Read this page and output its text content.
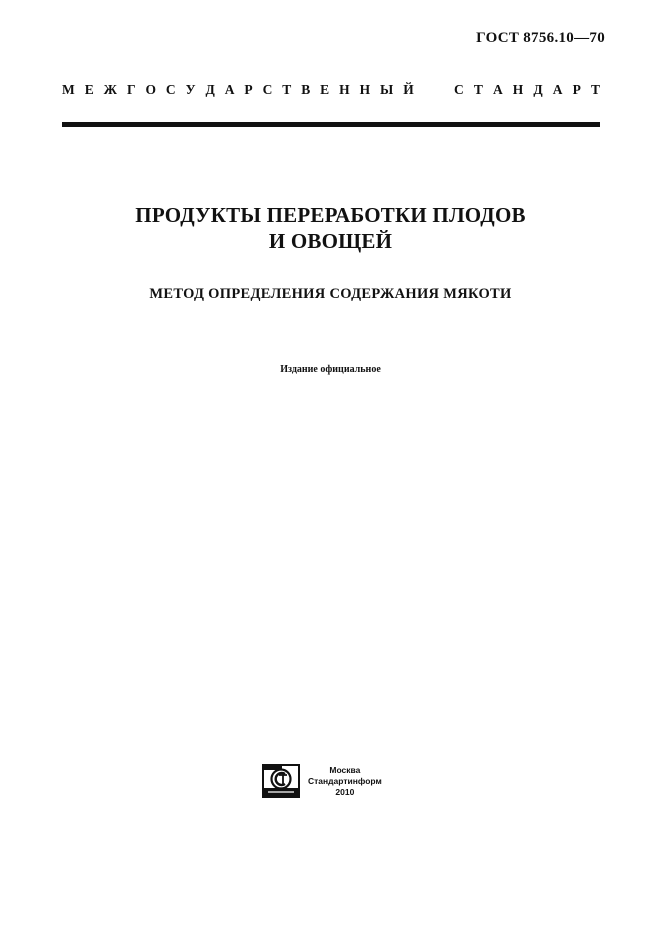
ГОСТ 8756.10—70
М Е Ж Г О С У Д А Р С Т В Е Н Н Ы Й	С Т А Н Д А Р Т
ПРОДУКТЫ ПЕРЕРАБОТКИ ПЛОДОВ
И ОВОЩЕЙ
МЕТОД ОПРЕДЕЛЕНИЯ СОДЕРЖАНИЯ МЯКОТИ
Издание официальное
Москва
Стандартинформ
2010
